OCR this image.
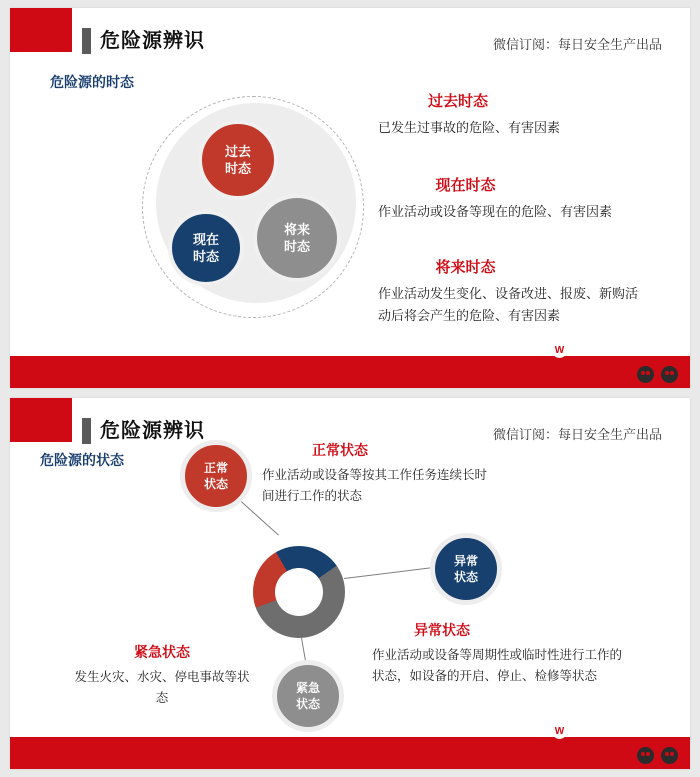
危险源辨识	微信订阅：每日安全生产出品
危险源的时态
过去
时态
现在
时态
将来
时态
过去时态
已发生过事故的危险、有害因素
现在时态
作业活动或设备等现在的危险、有害因素
将来时态
作业活动发生变化、设备改进、报废、新购活动后将会产生的危险、有害因素
W 每日安全生产
危险源辨识	微信订阅：每日安全生产出品
危险源的状态	正常
状态
异常
状态
紧急
状态
正常状态
作业活动或设备等按其工作任务连续长时间进行工作的状态
异常状态
作业活动或设备等周期性或临时性进行工作的状态，如设备的开启、停止、检修等状态
紧急状态
发生火灾、水灾、停电事故等状态
W 每日安全生产
